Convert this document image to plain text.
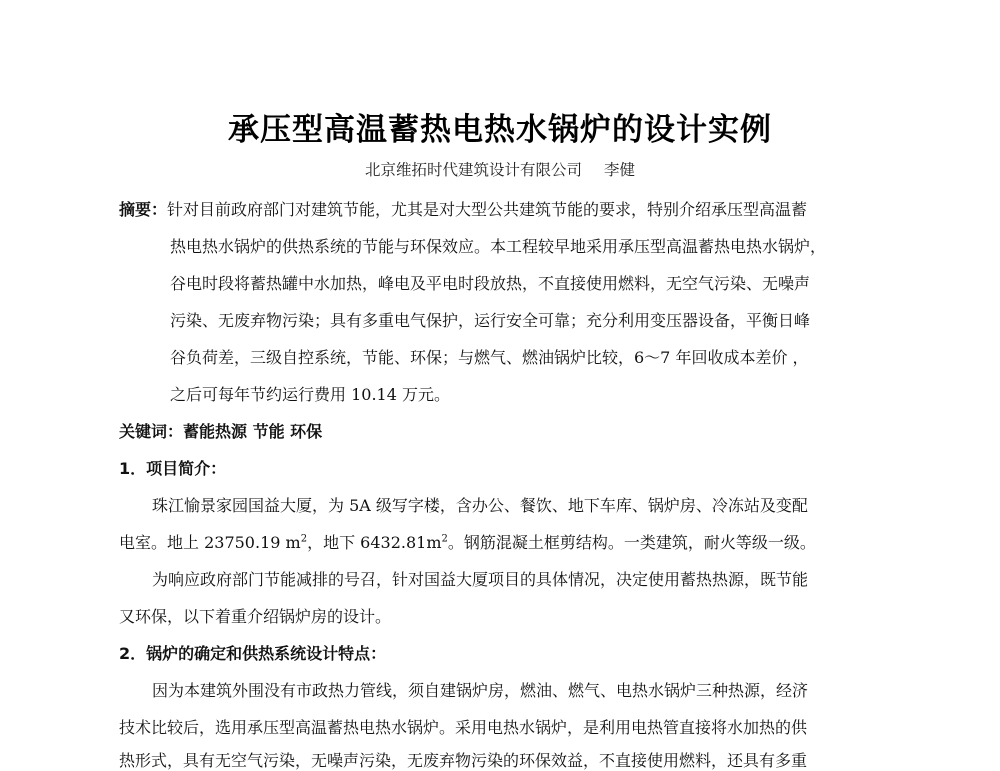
承压型高温蓄热电热水锅炉的设计实例
北京维拓时代建筑设计有限公司 李健
摘要：针对目前政府部门对建筑节能，尤其是对大型公共建筑节能的要求，特别介绍承压型高温蓄
热电热水锅炉的供热系统的节能与环保效应。本工程较早地采用承压型高温蓄热电热水锅炉，
谷电时段将蓄热罐中水加热，峰电及平电时段放热，不直接使用燃料，无空气污染、无噪声
污染、无废弃物污染；具有多重电气保护，运行安全可靠；充分利用变压器设备，平衡日峰
谷负荷差，三级自控系统，节能、环保；与燃气、燃油锅炉比较，6～7 年回收成本差价 ，
之后可每年节约运行费用 10.14 万元。
关键词：蓄能热源 节能 环保
1．项目简介：
珠江愉景家园国益大厦，为 5A 级写字楼，含办公、餐饮、地下车库、锅炉房、冷冻站及变配
电室。地上 23750.19 $m^2$，地下 $6432.81m^2$。钢筋混凝土框剪结构。一类建筑，耐火等级一级。
为响应政府部门节能减排的号召，针对国益大厦项目的具体情况，决定使用蓄热热源，既节能
又环保，以下着重介绍锅炉房的设计。
2．锅炉的确定和供热系统设计特点：
因为本建筑外围没有市政热力管线，须自建锅炉房，燃油、燃气、电热水锅炉三种热源，经济
技术比较后，选用承压型高温蓄热电热水锅炉。采用电热水锅炉，是利用电热管直接将水加热的供
热形式，具有无空气污染，无噪声污染，无废弃物污染的环保效益，不直接使用燃料，还具有多重
